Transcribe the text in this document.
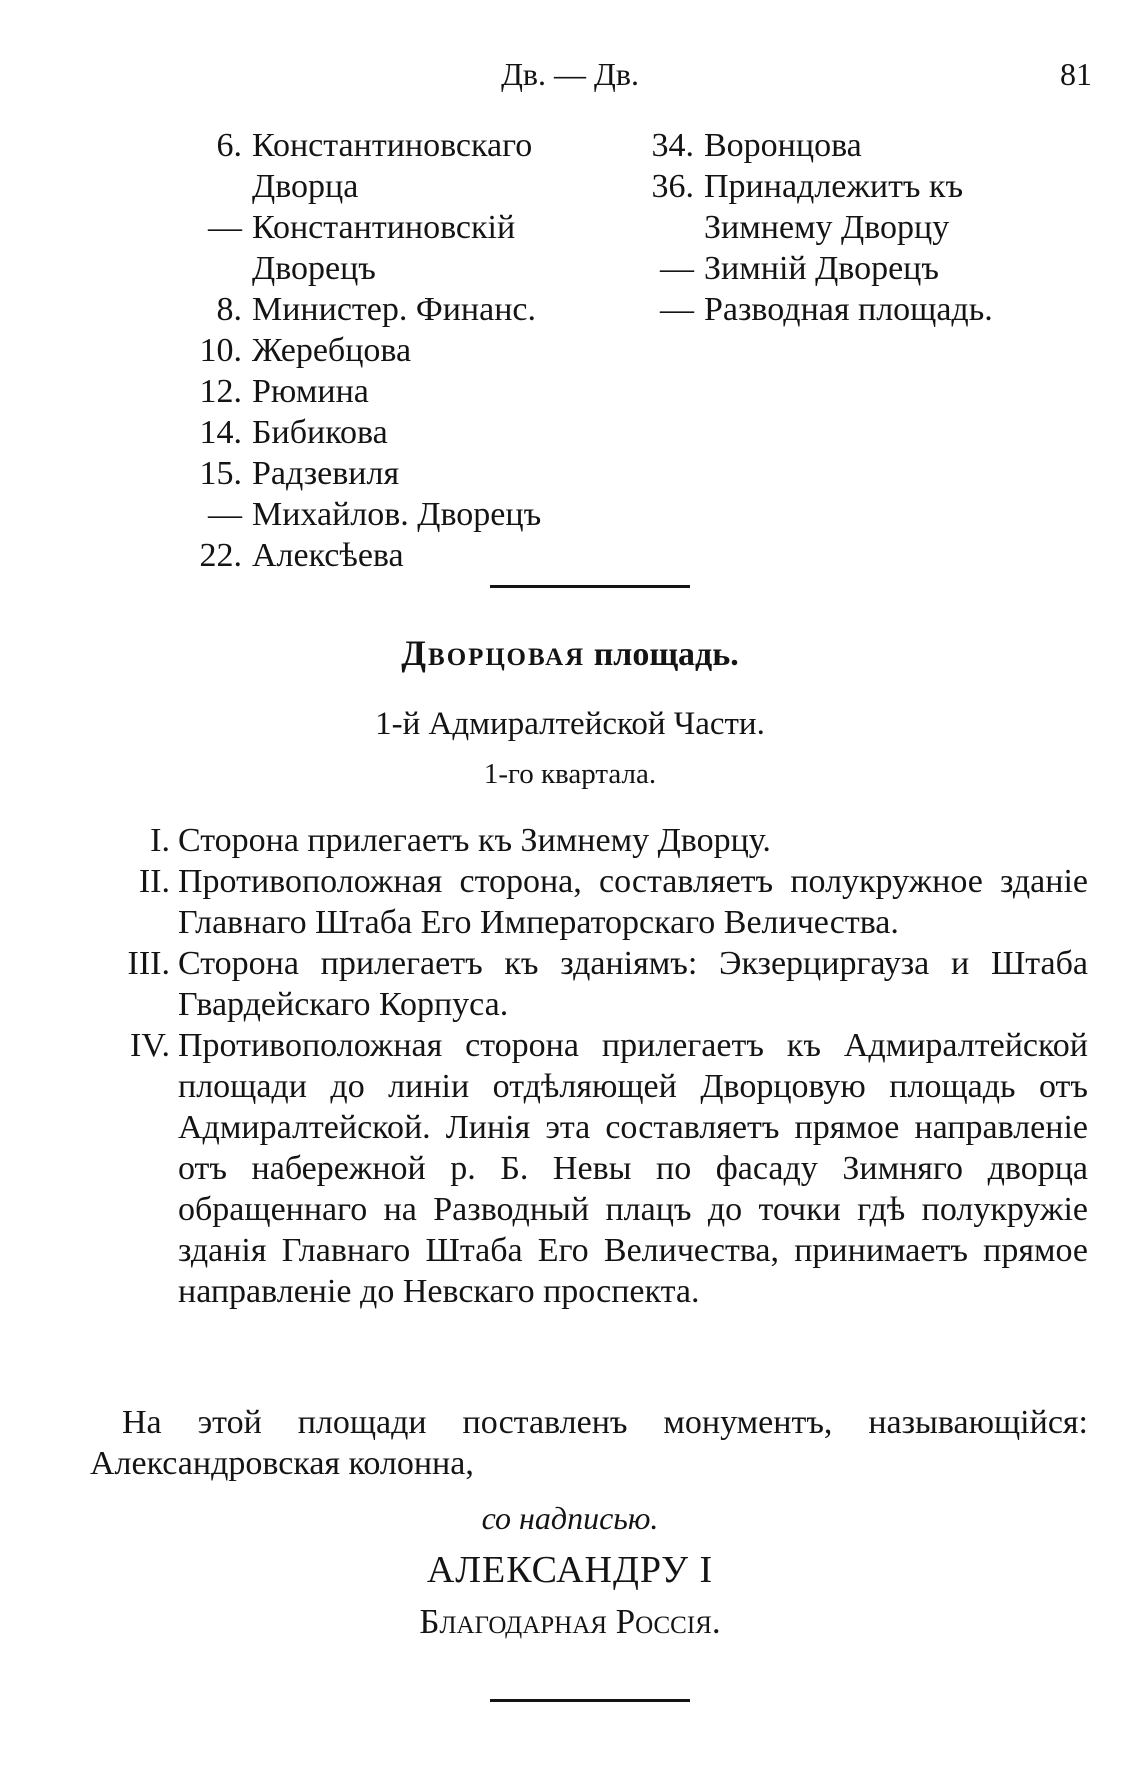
Дв. — Дв.	81
6. Константиновскаго Дворца
— Константиновскій Дворецъ
8. Министер. Финанс.
10. Жеребцова
12. Рюмина
14. Бибикова
15. Радзевиля
— Михайлов. Дворецъ
22. Алексѣева
34. Воронцова
36. Принадлежитъ къ Зимнему Дворцу
— Зимній Дворецъ
— Разводная площадь.
Дворцовая площадь.
1-й Адмиралтейской Части.
1-го квартала.
I. Сторона прилегаетъ къ Зимнему Дворцу.
II. Противоположная сторона, составляетъ полукружное зданіе Главнаго Штаба Его Императорскаго Величества.
III. Сторона прилегаетъ къ зданіямъ: Экзерциргауза и Штаба Гвардейскаго Корпуса.
IV. Противоположная сторона прилегаетъ къ Адмиралтейской площади до линіи отдѣляющей Дворцовую площадь отъ Адмиралтейской. Линія эта составляетъ прямое направленіе отъ набережной р. Б. Невы по фасаду Зимняго дворца обращеннаго на Разводный плацъ до точки гдѣ полукружіе зданія Главнаго Штаба Его Величества, принимаетъ прямое направленіе до Невскаго проспекта.
На этой площади поставленъ монументъ, называющійся: Александровская колонна,
со надписью.
АЛЕКСАНДРУ I
Благодарная Россія.
